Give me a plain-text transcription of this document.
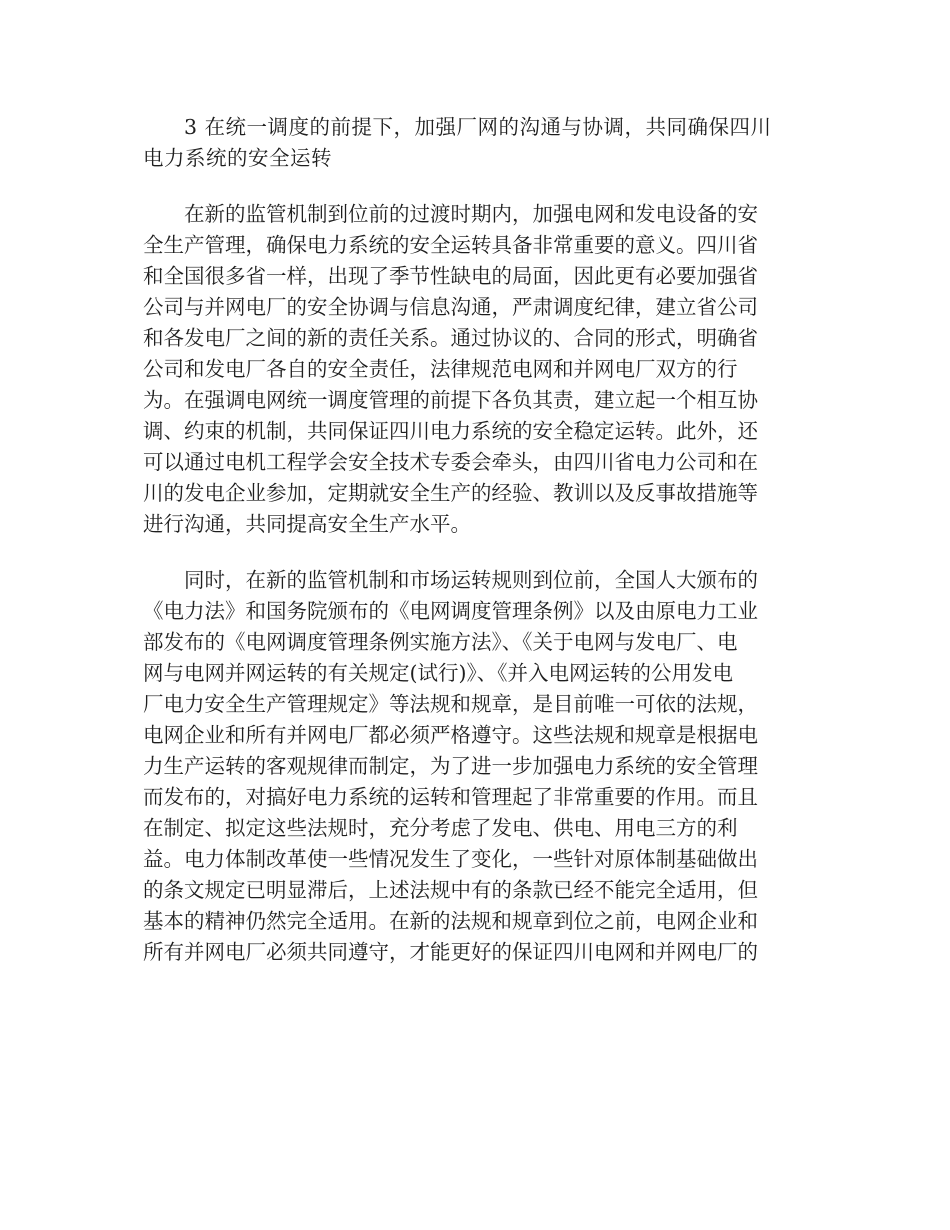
3 在统一调度的前提下，加强厂网的沟通与协调，共同确保四川

电力系统的安全运转

在新的监管机制到位前的过渡时期内，加强电网和发电设备的安

全生产管理，确保电力系统的安全运转具备非常重要的意义。四川省

和全国很多省一样，出现了季节性缺电的局面，因此更有必要加强省

公司与并网电厂的安全协调与信息沟通，严肃调度纪律，建立省公司

和各发电厂之间的新的责任关系。通过协议的、合同的形式，明确省

公司和发电厂各自的安全责任，法律规范电网和并网电厂双方的行

为。在强调电网统一调度管理的前提下各负其责，建立起一个相互协

调、约束的机制，共同保证四川电力系统的安全稳定运转。此外，还

可以通过电机工程学会安全技术专委会牵头，由四川省电力公司和在

川的发电企业参加，定期就安全生产的经验、教训以及反事故措施等

进行沟通，共同提高安全生产水平。

同时，在新的监管机制和市场运转规则到位前，全国人大颁布的

《电力法》和国务院颁布的《电网调度管理条例》以及由原电力工业

部发布的《电网调度管理条例实施方法》、《关于电网与发电厂、电

网与电网并网运转的有关规定(试行)》、《并入电网运转的公用发电

厂电力安全生产管理规定》等法规和规章，是目前唯一可依的法规，

电网企业和所有并网电厂都必须严格遵守。这些法规和规章是根据电

力生产运转的客观规律而制定，为了进一步加强电力系统的安全管理

而发布的，对搞好电力系统的运转和管理起了非常重要的作用。而且

在制定、拟定这些法规时，充分考虑了发电、供电、用电三方的利

益。电力体制改革使一些情况发生了变化，一些针对原体制基础做出

的条文规定已明显滞后，上述法规中有的条款已经不能完全适用，但

基本的精神仍然完全适用。在新的法规和规章到位之前，电网企业和

所有并网电厂必须共同遵守，才能更好的保证四川电网和并网电厂的
